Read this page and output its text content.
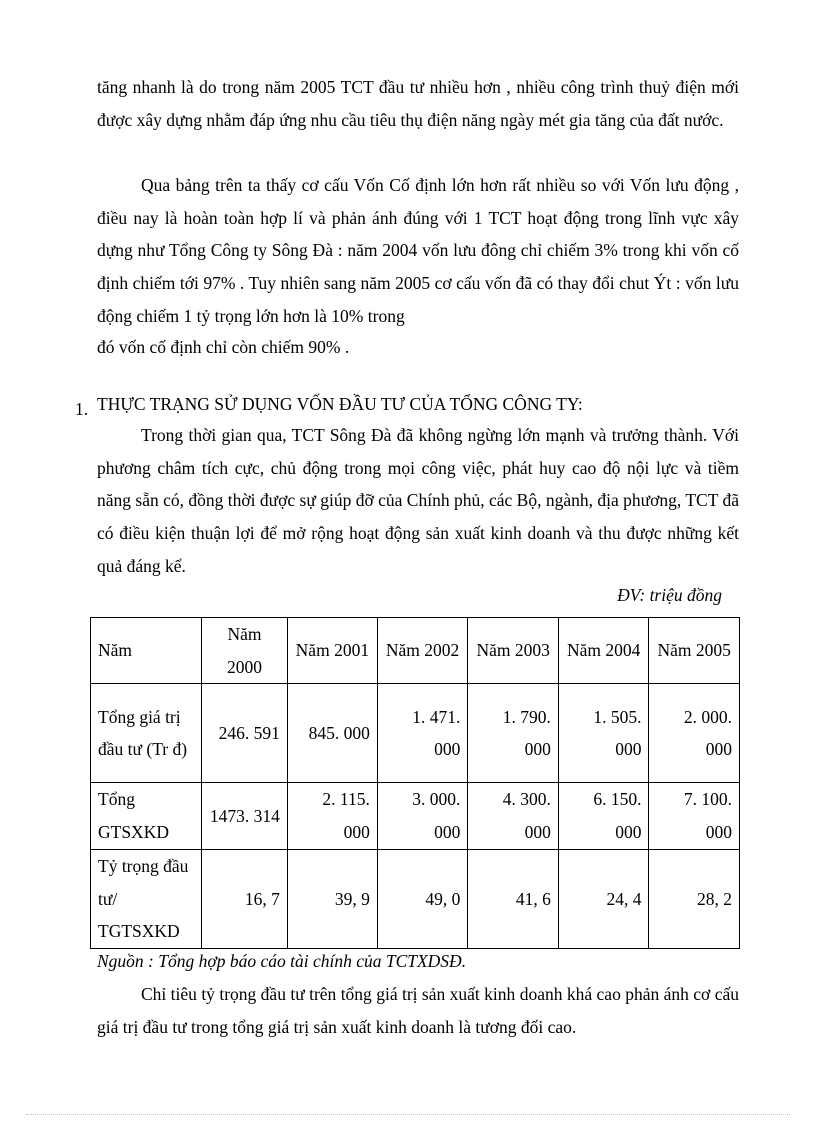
tăng nhanh là do trong năm 2005 TCT đầu tư nhiều hơn , nhiều công trình thuỷ điện mới được xây dựng nhằm đáp ứng nhu cầu tiêu thụ điện năng ngày mét gia tăng của đất nước.

Qua bảng trên ta thấy cơ cấu Vốn Cố định lớn hơn rất nhiều so với Vốn lưu động , điều nay là hoàn toàn hợp lí và phản ánh đúng với 1 TCT hoạt động trong lĩnh vực xây dựng như Tổng Công ty Sông Đà : năm 2004 vốn lưu đông chỉ chiếm 3% trong khi vốn cố định chiếm tới 97% . Tuy nhiên sang năm 2005 cơ cấu vốn đã có thay đổi chut Ýt : vốn lưu động chiếm 1 tỷ trọng lớn hơn là 10% trong

đó vốn cố định chỉ còn chiếm 90% .

1. THỰC TRẠNG SỬ DỤNG VỐN ĐẦU TƯ CỦA TỔNG CÔNG TY:

Trong thời gian qua, TCT Sông Đà đã không ngừng lớn mạnh và trưởng thành. Với phương châm tích cực, chủ động trong mọi công việc, phát huy cao độ nội lực và tiềm năng sẵn có, đồng thời được sự giúp đỡ của Chính phủ, các Bộ, ngành, địa phương, TCT đã có điều kiện thuận lợi để mở rộng hoạt động sản xuất kinh doanh và thu được những kết quả đáng kể.

ĐV: triệu đồng
Năm	Năm 2000	Năm 2001	Năm 2002	Năm 2003	Năm 2004	Năm 2005
Tổng giá trị đầu tư (Tr đ)	246. 591	845. 000	1. 471. 000	1. 790. 000	1. 505. 000	2. 000. 000
Tổng GTSXKD	1473. 314	2. 115. 000	3. 000. 000	4. 300. 000	6. 150. 000	7. 100. 000
Tỷ trọng đầu tư/ TGTSXKD	16, 7	39, 9	49, 0	41, 6	24, 4	28, 2
Nguồn : Tổng hợp báo cáo tài chính của TCTXDSĐ.

Chỉ tiêu tỷ trọng đầu tư trên tổng giá trị sản xuất kinh doanh khá cao phản ánh cơ cấu giá trị đầu tư trong tổng giá trị sản xuất kinh doanh là tương đối cao.
